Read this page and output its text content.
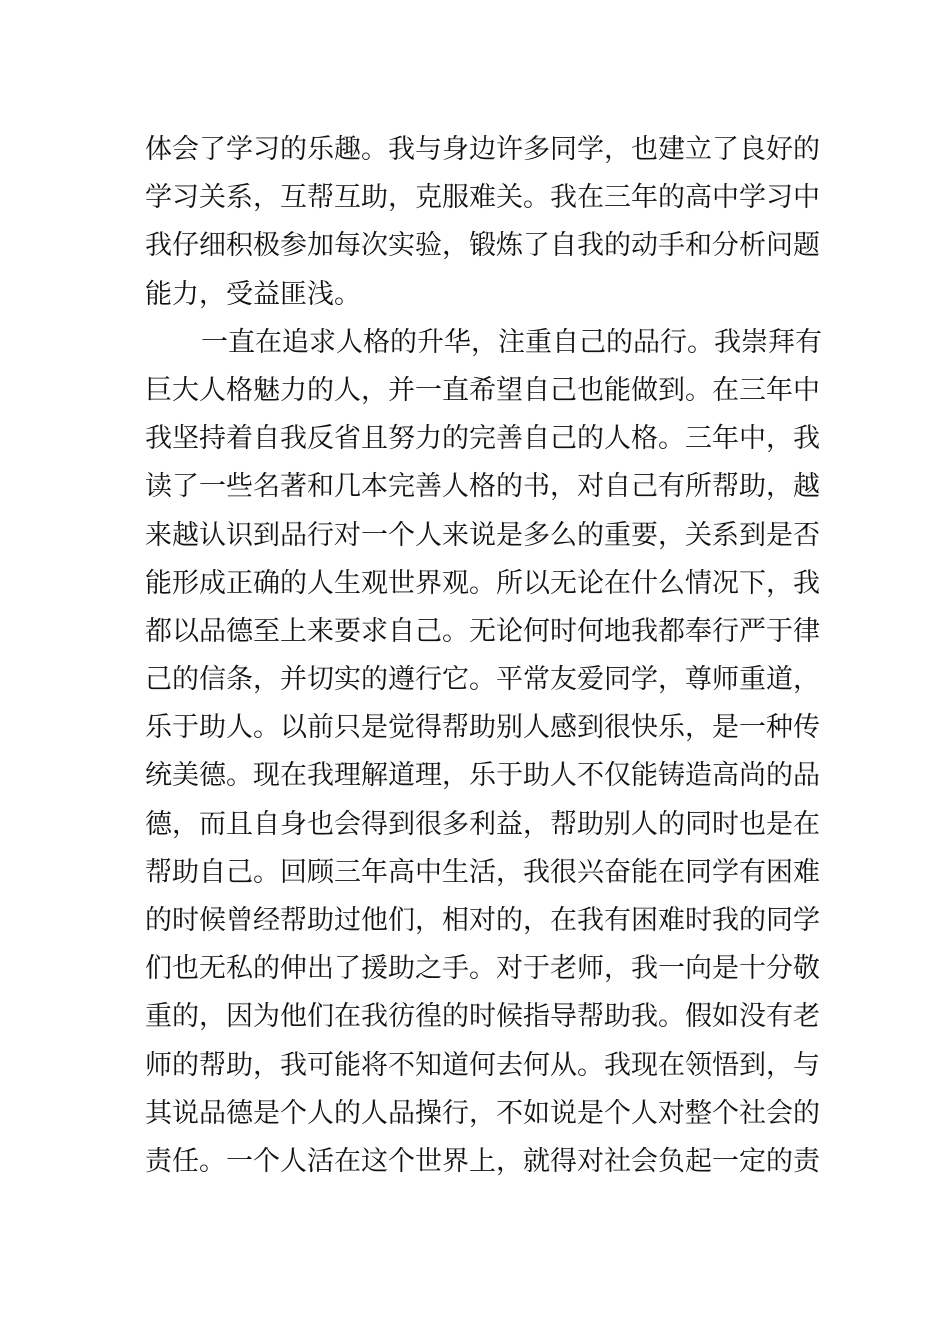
体会了学习的乐趣。我与身边许多同学，也建立了良好的
学习关系，互帮互助，克服难关。我在三年的高中学习中
我仔细积极参加每次实验，锻炼了自我的动手和分析问题
能力，受益匪浅。
一直在追求人格的升华，注重自己的品行。我崇拜有
巨大人格魅力的人，并一直希望自己也能做到。在三年中
我坚持着自我反省且努力的完善自己的人格。三年中，我
读了一些名著和几本完善人格的书，对自己有所帮助，越
来越认识到品行对一个人来说是多么的重要，关系到是否
能形成正确的人生观世界观。所以无论在什么情况下，我
都以品德至上来要求自己。无论何时何地我都奉行严于律
己的信条，并切实的遵行它。平常友爱同学，尊师重道，
乐于助人。以前只是觉得帮助别人感到很快乐，是一种传
统美德。现在我理解道理，乐于助人不仅能铸造高尚的品
德，而且自身也会得到很多利益，帮助别人的同时也是在
帮助自己。回顾三年高中生活，我很兴奋能在同学有困难
的时候曾经帮助过他们，相对的，在我有困难时我的同学
们也无私的伸出了援助之手。对于老师，我一向是十分敬
重的，因为他们在我彷徨的时候指导帮助我。假如没有老
师的帮助，我可能将不知道何去何从。我现在领悟到，与
其说品德是个人的人品操行，不如说是个人对整个社会的
责任。一个人活在这个世界上，就得对社会负起一定的责
